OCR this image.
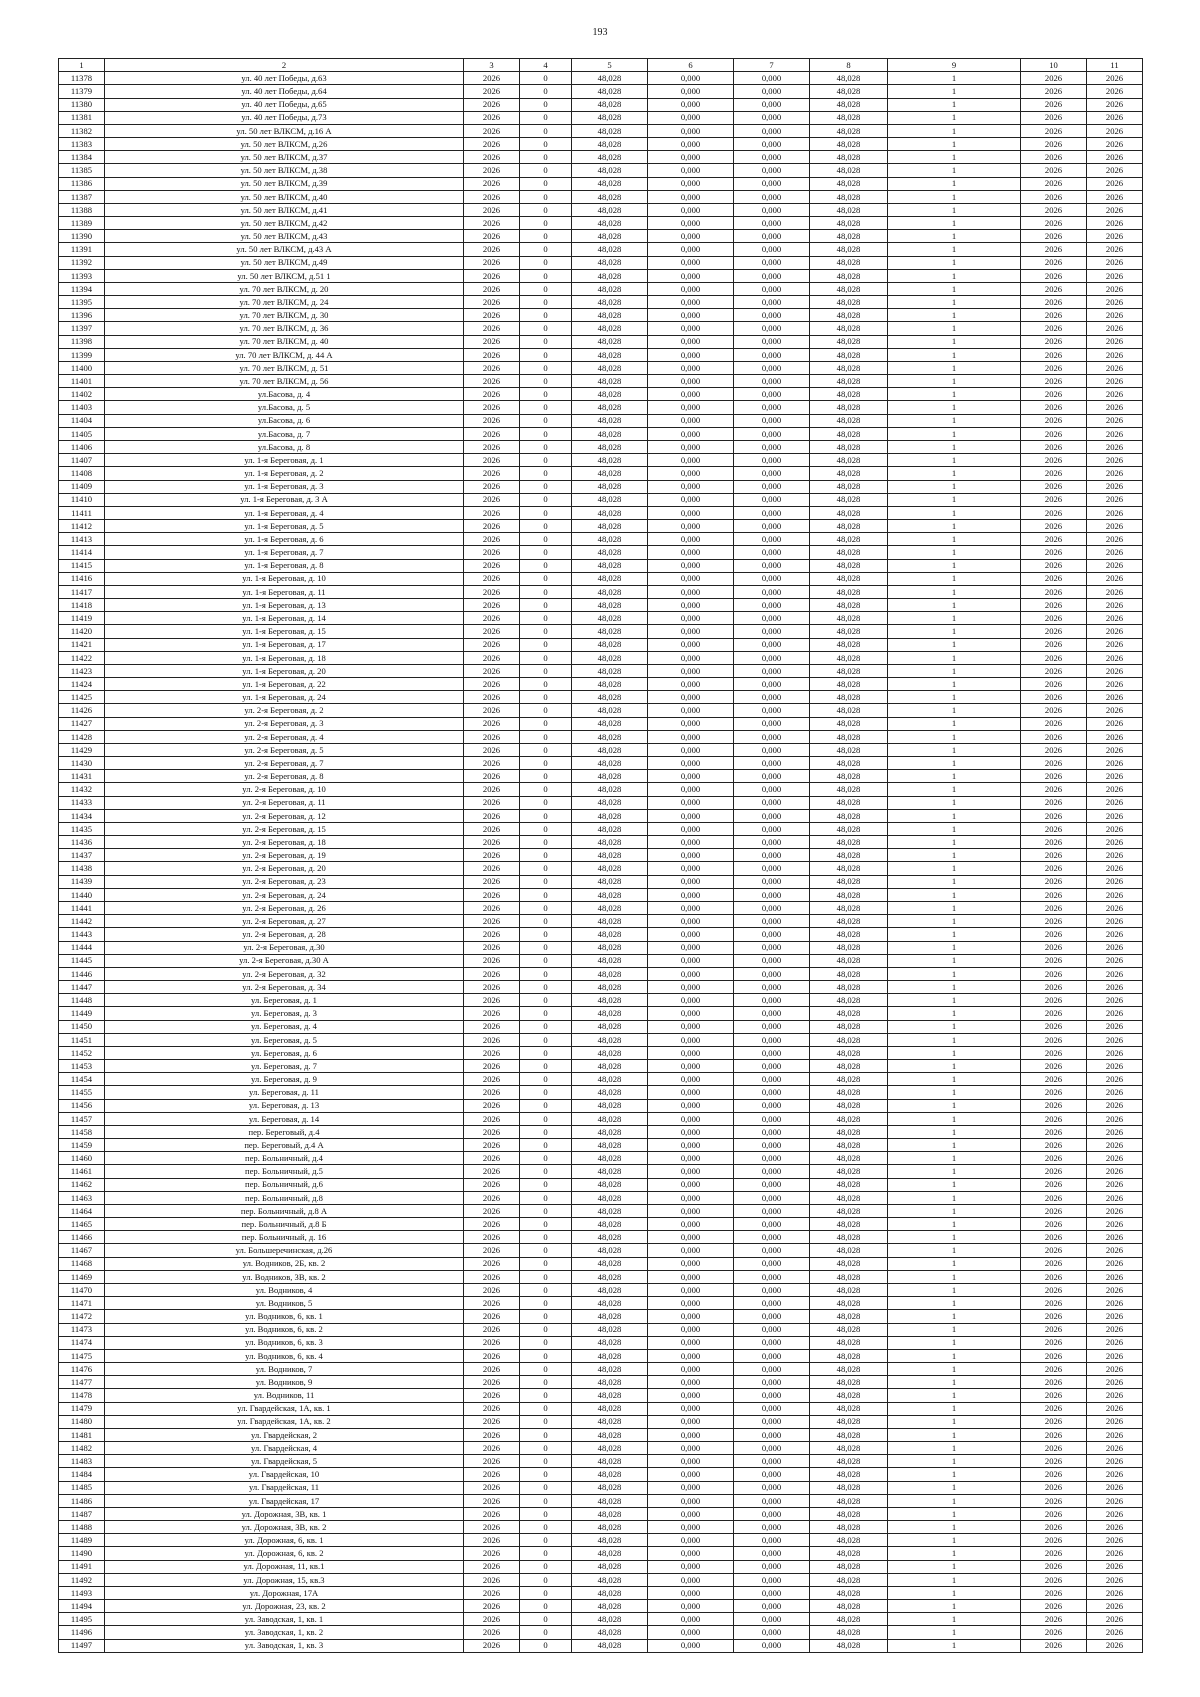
193
1	2	3	4	5	6	7	8	9	10	11
11378	ул. 40 лет Победы, д.63	2026	0	48,028	0,000	0,000	48,028	1	2026	2026
11379	ул. 40 лет Победы, д.64	2026	0	48,028	0,000	0,000	48,028	1	2026	2026
11380	ул. 40 лет Победы, д.65	2026	0	48,028	0,000	0,000	48,028	1	2026	2026
11381	ул. 40 лет Победы, д.73	2026	0	48,028	0,000	0,000	48,028	1	2026	2026
11382	ул. 50 лет ВЛКСМ, д.16 А	2026	0	48,028	0,000	0,000	48,028	1	2026	2026
11383	ул. 50 лет ВЛКСМ, д.26	2026	0	48,028	0,000	0,000	48,028	1	2026	2026
11384	ул. 50 лет ВЛКСМ, д.37	2026	0	48,028	0,000	0,000	48,028	1	2026	2026
11385	ул. 50 лет ВЛКСМ, д.38	2026	0	48,028	0,000	0,000	48,028	1	2026	2026
11386	ул. 50 лет ВЛКСМ, д.39	2026	0	48,028	0,000	0,000	48,028	1	2026	2026
11387	ул. 50 лет ВЛКСМ, д.40	2026	0	48,028	0,000	0,000	48,028	1	2026	2026
11388	ул. 50 лет ВЛКСМ, д.41	2026	0	48,028	0,000	0,000	48,028	1	2026	2026
11389	ул. 50 лет ВЛКСМ, д.42	2026	0	48,028	0,000	0,000	48,028	1	2026	2026
11390	ул. 50 лет ВЛКСМ, д.43	2026	0	48,028	0,000	0,000	48,028	1	2026	2026
11391	ул. 50 лет ВЛКСМ, д.43 А	2026	0	48,028	0,000	0,000	48,028	1	2026	2026
11392	ул. 50 лет ВЛКСМ, д.49	2026	0	48,028	0,000	0,000	48,028	1	2026	2026
11393	ул. 50 лет ВЛКСМ, д.51 1	2026	0	48,028	0,000	0,000	48,028	1	2026	2026
11394	ул. 70 лет ВЛКСМ, д. 20	2026	0	48,028	0,000	0,000	48,028	1	2026	2026
11395	ул. 70 лет ВЛКСМ, д. 24	2026	0	48,028	0,000	0,000	48,028	1	2026	2026
11396	ул. 70 лет ВЛКСМ, д. 30	2026	0	48,028	0,000	0,000	48,028	1	2026	2026
11397	ул. 70 лет ВЛКСМ, д. 36	2026	0	48,028	0,000	0,000	48,028	1	2026	2026
11398	ул. 70 лет ВЛКСМ, д. 40	2026	0	48,028	0,000	0,000	48,028	1	2026	2026
11399	ул. 70 лет ВЛКСМ, д. 44 А	2026	0	48,028	0,000	0,000	48,028	1	2026	2026
11400	ул. 70 лет ВЛКСМ, д. 51	2026	0	48,028	0,000	0,000	48,028	1	2026	2026
11401	ул. 70 лет ВЛКСМ, д. 56	2026	0	48,028	0,000	0,000	48,028	1	2026	2026
11402	ул.Басова, д. 4	2026	0	48,028	0,000	0,000	48,028	1	2026	2026
11403	ул.Басова, д. 5	2026	0	48,028	0,000	0,000	48,028	1	2026	2026
11404	ул.Басова, д. 6	2026	0	48,028	0,000	0,000	48,028	1	2026	2026
11405	ул.Басова, д. 7	2026	0	48,028	0,000	0,000	48,028	1	2026	2026
11406	ул.Басова, д. 8	2026	0	48,028	0,000	0,000	48,028	1	2026	2026
11407	ул. 1-я Береговая, д. 1	2026	0	48,028	0,000	0,000	48,028	1	2026	2026
11408	ул. 1-я Береговая, д. 2	2026	0	48,028	0,000	0,000	48,028	1	2026	2026
11409	ул. 1-я Береговая, д. 3	2026	0	48,028	0,000	0,000	48,028	1	2026	2026
11410	ул. 1-я Береговая, д. 3 А	2026	0	48,028	0,000	0,000	48,028	1	2026	2026
11411	ул. 1-я Береговая, д. 4	2026	0	48,028	0,000	0,000	48,028	1	2026	2026
11412	ул. 1-я Береговая, д. 5	2026	0	48,028	0,000	0,000	48,028	1	2026	2026
11413	ул. 1-я Береговая, д. 6	2026	0	48,028	0,000	0,000	48,028	1	2026	2026
11414	ул. 1-я Береговая, д. 7	2026	0	48,028	0,000	0,000	48,028	1	2026	2026
11415	ул. 1-я Береговая, д. 8	2026	0	48,028	0,000	0,000	48,028	1	2026	2026
11416	ул. 1-я Береговая, д. 10	2026	0	48,028	0,000	0,000	48,028	1	2026	2026
11417	ул. 1-я Береговая, д. 11	2026	0	48,028	0,000	0,000	48,028	1	2026	2026
11418	ул. 1-я Береговая, д. 13	2026	0	48,028	0,000	0,000	48,028	1	2026	2026
11419	ул. 1-я Береговая, д. 14	2026	0	48,028	0,000	0,000	48,028	1	2026	2026
11420	ул. 1-я Береговая, д. 15	2026	0	48,028	0,000	0,000	48,028	1	2026	2026
11421	ул. 1-я Береговая, д. 17	2026	0	48,028	0,000	0,000	48,028	1	2026	2026
11422	ул. 1-я Береговая, д. 18	2026	0	48,028	0,000	0,000	48,028	1	2026	2026
11423	ул. 1-я Береговая, д. 20	2026	0	48,028	0,000	0,000	48,028	1	2026	2026
11424	ул. 1-я Береговая, д. 22	2026	0	48,028	0,000	0,000	48,028	1	2026	2026
11425	ул. 1-я Береговая, д. 24	2026	0	48,028	0,000	0,000	48,028	1	2026	2026
11426	ул. 2-я Береговая, д. 2	2026	0	48,028	0,000	0,000	48,028	1	2026	2026
11427	ул. 2-я Береговая, д. 3	2026	0	48,028	0,000	0,000	48,028	1	2026	2026
11428	ул. 2-я Береговая, д. 4	2026	0	48,028	0,000	0,000	48,028	1	2026	2026
11429	ул. 2-я Береговая, д. 5	2026	0	48,028	0,000	0,000	48,028	1	2026	2026
11430	ул. 2-я Береговая, д. 7	2026	0	48,028	0,000	0,000	48,028	1	2026	2026
11431	ул. 2-я Береговая, д. 8	2026	0	48,028	0,000	0,000	48,028	1	2026	2026
11432	ул. 2-я Береговая, д. 10	2026	0	48,028	0,000	0,000	48,028	1	2026	2026
11433	ул. 2-я Береговая, д. 11	2026	0	48,028	0,000	0,000	48,028	1	2026	2026
11434	ул. 2-я Береговая, д. 12	2026	0	48,028	0,000	0,000	48,028	1	2026	2026
11435	ул. 2-я Береговая, д. 15	2026	0	48,028	0,000	0,000	48,028	1	2026	2026
11436	ул. 2-я Береговая, д. 18	2026	0	48,028	0,000	0,000	48,028	1	2026	2026
11437	ул. 2-я Береговая, д. 19	2026	0	48,028	0,000	0,000	48,028	1	2026	2026
11438	ул. 2-я Береговая, д. 20	2026	0	48,028	0,000	0,000	48,028	1	2026	2026
11439	ул. 2-я Береговая, д. 23	2026	0	48,028	0,000	0,000	48,028	1	2026	2026
11440	ул. 2-я Береговая, д. 24	2026	0	48,028	0,000	0,000	48,028	1	2026	2026
11441	ул. 2-я Береговая, д. 26	2026	0	48,028	0,000	0,000	48,028	1	2026	2026
11442	ул. 2-я Береговая, д. 27	2026	0	48,028	0,000	0,000	48,028	1	2026	2026
11443	ул. 2-я Береговая, д. 28	2026	0	48,028	0,000	0,000	48,028	1	2026	2026
11444	ул. 2-я Береговая, д.30	2026	0	48,028	0,000	0,000	48,028	1	2026	2026
11445	ул. 2-я Береговая, д.30 А	2026	0	48,028	0,000	0,000	48,028	1	2026	2026
11446	ул. 2-я Береговая, д. 32	2026	0	48,028	0,000	0,000	48,028	1	2026	2026
11447	ул. 2-я Береговая, д. 34	2026	0	48,028	0,000	0,000	48,028	1	2026	2026
11448	ул. Береговая, д. 1	2026	0	48,028	0,000	0,000	48,028	1	2026	2026
11449	ул. Береговая, д. 3	2026	0	48,028	0,000	0,000	48,028	1	2026	2026
11450	ул. Береговая, д. 4	2026	0	48,028	0,000	0,000	48,028	1	2026	2026
11451	ул. Береговая, д. 5	2026	0	48,028	0,000	0,000	48,028	1	2026	2026
11452	ул. Береговая, д. 6	2026	0	48,028	0,000	0,000	48,028	1	2026	2026
11453	ул. Береговая, д. 7	2026	0	48,028	0,000	0,000	48,028	1	2026	2026
11454	ул. Береговая, д. 9	2026	0	48,028	0,000	0,000	48,028	1	2026	2026
11455	ул. Береговая, д. 11	2026	0	48,028	0,000	0,000	48,028	1	2026	2026
11456	ул. Береговая, д. 13	2026	0	48,028	0,000	0,000	48,028	1	2026	2026
11457	ул. Береговая, д. 14	2026	0	48,028	0,000	0,000	48,028	1	2026	2026
11458	пер. Береговый, д.4	2026	0	48,028	0,000	0,000	48,028	1	2026	2026
11459	пер. Береговый, д.4 А	2026	0	48,028	0,000	0,000	48,028	1	2026	2026
11460	пер. Больничный, д.4	2026	0	48,028	0,000	0,000	48,028	1	2026	2026
11461	пер. Больничный, д.5	2026	0	48,028	0,000	0,000	48,028	1	2026	2026
11462	пер. Больничный, д.6	2026	0	48,028	0,000	0,000	48,028	1	2026	2026
11463	пер. Больничный, д.8	2026	0	48,028	0,000	0,000	48,028	1	2026	2026
11464	пер. Больничный, д.8 А	2026	0	48,028	0,000	0,000	48,028	1	2026	2026
11465	пер. Больничный, д.8 Б	2026	0	48,028	0,000	0,000	48,028	1	2026	2026
11466	пер. Больничный, д. 16	2026	0	48,028	0,000	0,000	48,028	1	2026	2026
11467	ул. Большеречинская, д.26	2026	0	48,028	0,000	0,000	48,028	1	2026	2026
11468	ул. Водников, 2Б, кв. 2	2026	0	48,028	0,000	0,000	48,028	1	2026	2026
11469	ул. Водников, 3В, кв. 2	2026	0	48,028	0,000	0,000	48,028	1	2026	2026
11470	ул. Водников, 4	2026	0	48,028	0,000	0,000	48,028	1	2026	2026
11471	ул. Водников, 5	2026	0	48,028	0,000	0,000	48,028	1	2026	2026
11472	ул. Водников, 6, кв. 1	2026	0	48,028	0,000	0,000	48,028	1	2026	2026
11473	ул. Водников, 6, кв. 2	2026	0	48,028	0,000	0,000	48,028	1	2026	2026
11474	ул. Водников, 6, кв. 3	2026	0	48,028	0,000	0,000	48,028	1	2026	2026
11475	ул. Водников, 6, кв. 4	2026	0	48,028	0,000	0,000	48,028	1	2026	2026
11476	ул. Водников, 7	2026	0	48,028	0,000	0,000	48,028	1	2026	2026
11477	ул. Водников, 9	2026	0	48,028	0,000	0,000	48,028	1	2026	2026
11478	ул. Водников, 11	2026	0	48,028	0,000	0,000	48,028	1	2026	2026
11479	ул. Гвардейская, 1А, кв. 1	2026	0	48,028	0,000	0,000	48,028	1	2026	2026
11480	ул. Гвардейская, 1А, кв. 2	2026	0	48,028	0,000	0,000	48,028	1	2026	2026
11481	ул. Гвардейская, 2	2026	0	48,028	0,000	0,000	48,028	1	2026	2026
11482	ул. Гвардейская, 4	2026	0	48,028	0,000	0,000	48,028	1	2026	2026
11483	ул. Гвардейская, 5	2026	0	48,028	0,000	0,000	48,028	1	2026	2026
11484	ул. Гвардейская, 10	2026	0	48,028	0,000	0,000	48,028	1	2026	2026
11485	ул. Гвардейская, 11	2026	0	48,028	0,000	0,000	48,028	1	2026	2026
11486	ул. Гвардейская, 17	2026	0	48,028	0,000	0,000	48,028	1	2026	2026
11487	ул. Дорожная, 3В, кв. 1	2026	0	48,028	0,000	0,000	48,028	1	2026	2026
11488	ул. Дорожная, 3В, кв. 2	2026	0	48,028	0,000	0,000	48,028	1	2026	2026
11489	ул. Дорожная, 6, кв. 1	2026	0	48,028	0,000	0,000	48,028	1	2026	2026
11490	ул. Дорожная, 6, кв. 2	2026	0	48,028	0,000	0,000	48,028	1	2026	2026
11491	ул. Дорожная, 11, кв.1	2026	0	48,028	0,000	0,000	48,028	1	2026	2026
11492	ул. Дорожная, 15, кв.3	2026	0	48,028	0,000	0,000	48,028	1	2026	2026
11493	ул. Дорожная, 17А	2026	0	48,028	0,000	0,000	48,028	1	2026	2026
11494	ул. Дорожная, 23, кв. 2	2026	0	48,028	0,000	0,000	48,028	1	2026	2026
11495	ул. Заводская, 1, кв. 1	2026	0	48,028	0,000	0,000	48,028	1	2026	2026
11496	ул. Заводская, 1, кв. 2	2026	0	48,028	0,000	0,000	48,028	1	2026	2026
11497	ул. Заводская, 1, кв. 3	2026	0	48,028	0,000	0,000	48,028	1	2026	2026
